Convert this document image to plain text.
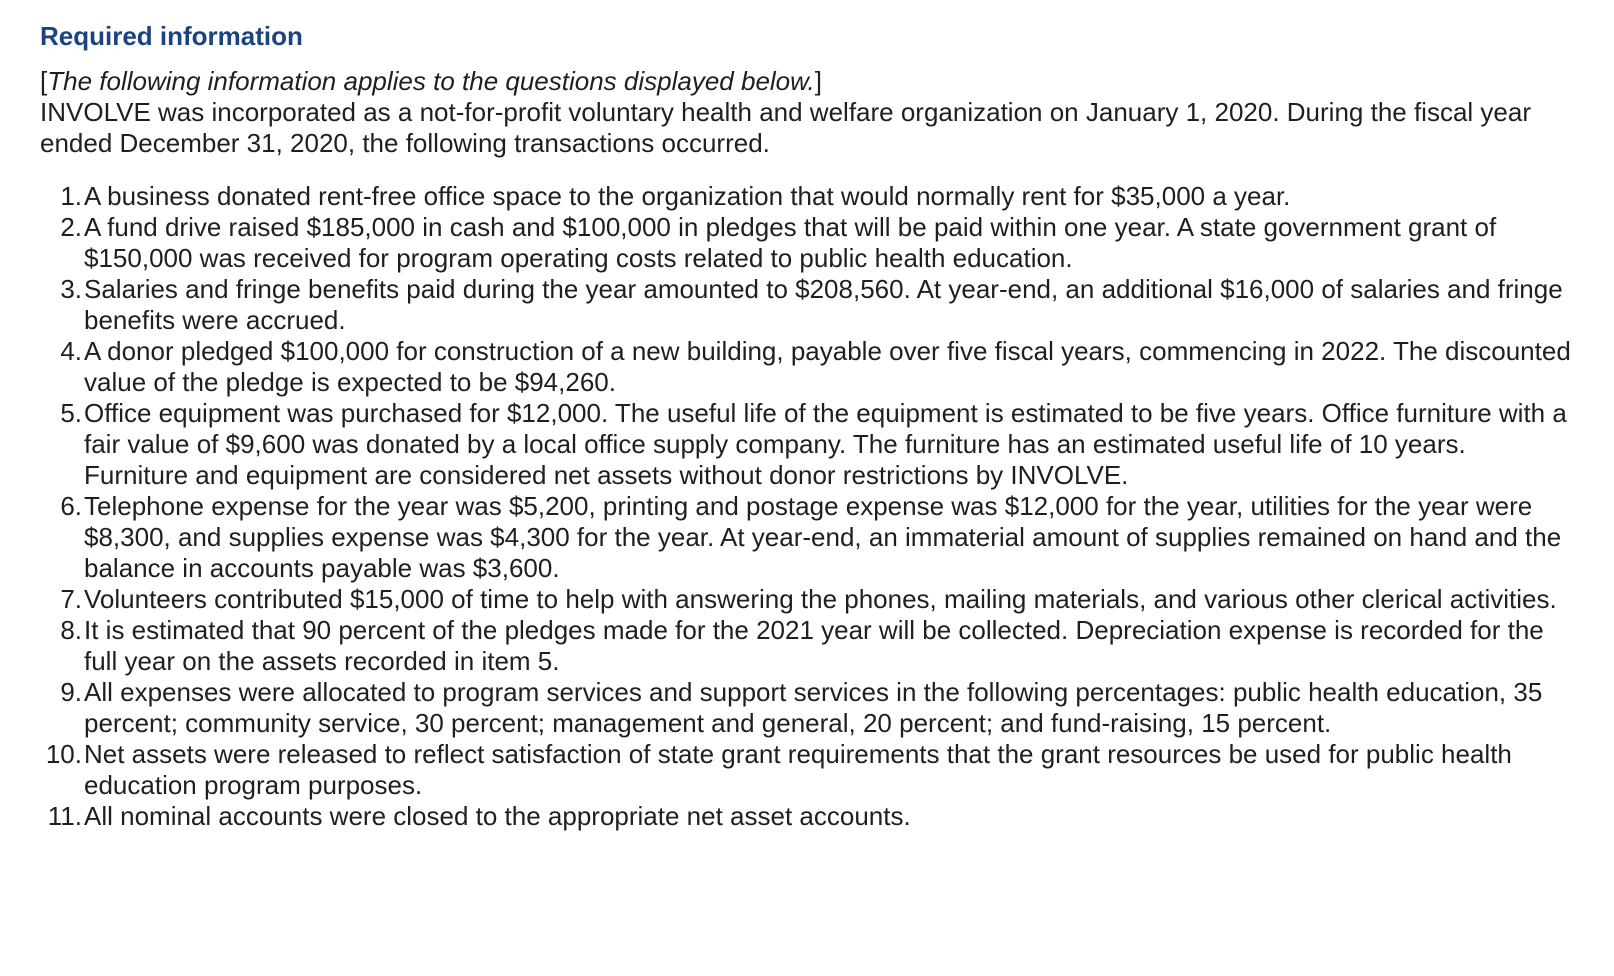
Required information
[The following information applies to the questions displayed below.]
INVOLVE was incorporated as a not-for-profit voluntary health and welfare organization on January 1, 2020. During the fiscal year ended December 31, 2020, the following transactions occurred.
1. A business donated rent-free office space to the organization that would normally rent for $35,000 a year.
2. A fund drive raised $185,000 in cash and $100,000 in pledges that will be paid within one year. A state government grant of $150,000 was received for program operating costs related to public health education.
3. Salaries and fringe benefits paid during the year amounted to $208,560. At year-end, an additional $16,000 of salaries and fringe benefits were accrued.
4. A donor pledged $100,000 for construction of a new building, payable over five fiscal years, commencing in 2022. The discounted value of the pledge is expected to be $94,260.
5. Office equipment was purchased for $12,000. The useful life of the equipment is estimated to be five years. Office furniture with a fair value of $9,600 was donated by a local office supply company. The furniture has an estimated useful life of 10 years. Furniture and equipment are considered net assets without donor restrictions by INVOLVE.
6. Telephone expense for the year was $5,200, printing and postage expense was $12,000 for the year, utilities for the year were $8,300, and supplies expense was $4,300 for the year. At year-end, an immaterial amount of supplies remained on hand and the balance in accounts payable was $3,600.
7. Volunteers contributed $15,000 of time to help with answering the phones, mailing materials, and various other clerical activities.
8. It is estimated that 90 percent of the pledges made for the 2021 year will be collected. Depreciation expense is recorded for the full year on the assets recorded in item 5.
9. All expenses were allocated to program services and support services in the following percentages: public health education, 35 percent; community service, 30 percent; management and general, 20 percent; and fund-raising, 15 percent.
10. Net assets were released to reflect satisfaction of state grant requirements that the grant resources be used for public health education program purposes.
11. All nominal accounts were closed to the appropriate net asset accounts.
